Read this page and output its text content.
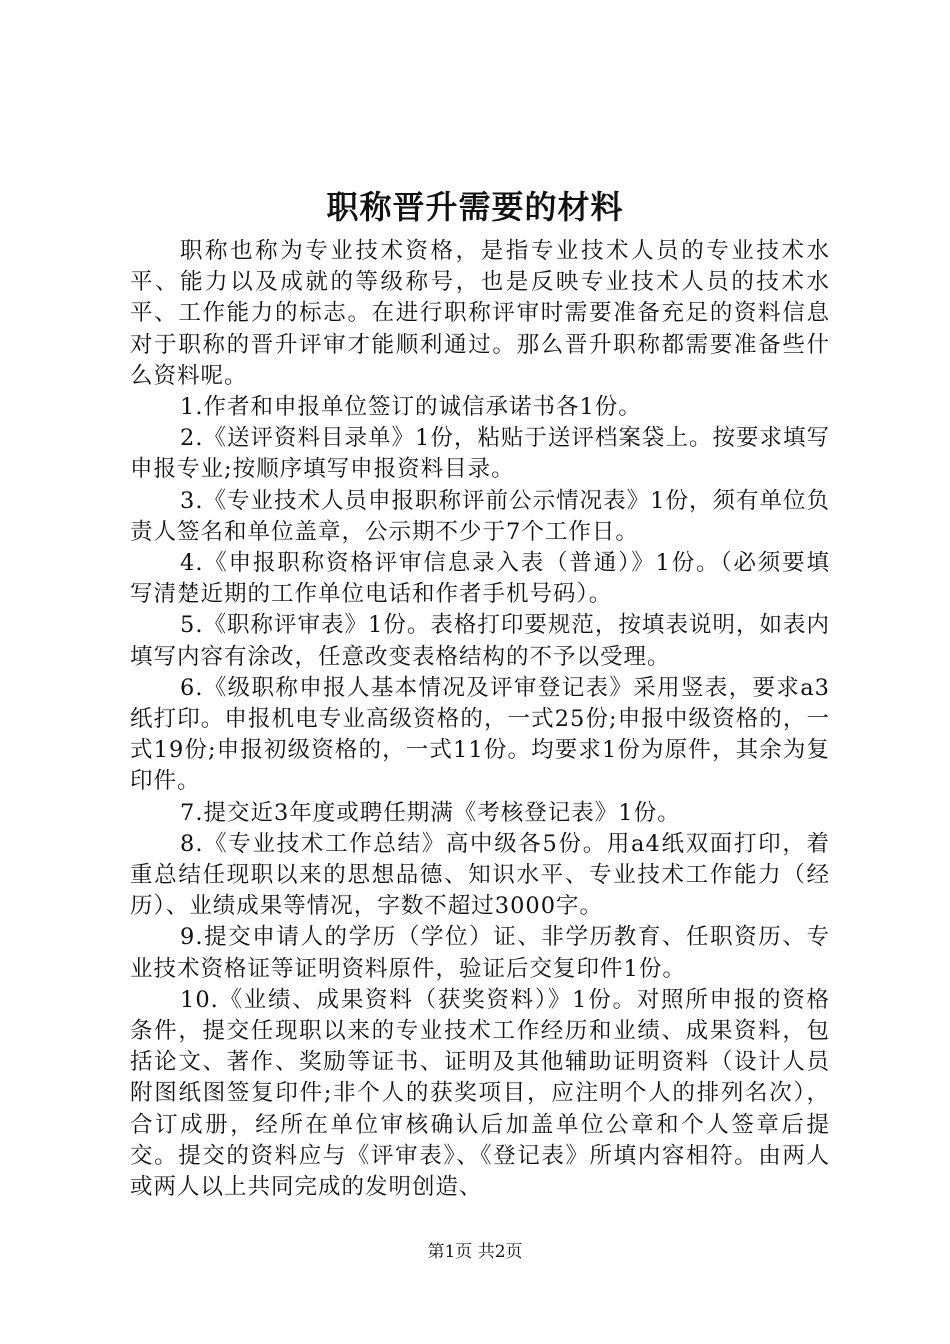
职称晋升需要的材料

职称也称为专业技术资格，是指专业技术人员的专业技术水平、能力以及成就的等级称号，也是反映专业技术人员的技术水平、工作能力的标志。在进行职称评审时需要准备充足的资料信息对于职称的晋升评审才能顺利通过。那么晋升职称都需要准备些什么资料呢。

1.作者和申报单位签订的诚信承诺书各1份。

2.《送评资料目录单》1份，粘贴于送评档案袋上。按要求填写申报专业;按顺序填写申报资料目录。

3.《专业技术人员申报职称评前公示情况表》1份，须有单位负责人签名和单位盖章，公示期不少于7个工作日。

4.《申报职称资格评审信息录入表（普通）》1份。（必须要填写清楚近期的工作单位电话和作者手机号码）。

5.《职称评审表》1份。表格打印要规范，按填表说明，如表内填写内容有涂改，任意改变表格结构的不予以受理。

6.《级职称申报人基本情况及评审登记表》采用竖表，要求a3纸打印。申报机电专业高级资格的，一式25份;申报中级资格的，一式19份;申报初级资格的，一式11份。均要求1份为原件，其余为复印件。

7.提交近3年度或聘任期满《考核登记表》1份。

8.《专业技术工作总结》高中级各5份。用a4纸双面打印，着重总结任现职以来的思想品德、知识水平、专业技术工作能力（经历）、业绩成果等情况，字数不超过3000字。

9.提交申请人的学历（学位）证、非学历教育、任职资历、专业技术资格证等证明资料原件，验证后交复印件1份。

10.《业绩、成果资料（获奖资料）》1份。对照所申报的资格条件，提交任现职以来的专业技术工作经历和业绩、成果资料，包括论文、著作、奖励等证书、证明及其他辅助证明资料（设计人员附图纸图签复印件;非个人的获奖项目，应注明个人的排列名次），合订成册，经所在单位审核确认后加盖单位公章和个人签章后提交。提交的资料应与《评审表》、《登记表》所填内容相符。由两人或两人以上共同完成的发明创造、

第1页 共2页
